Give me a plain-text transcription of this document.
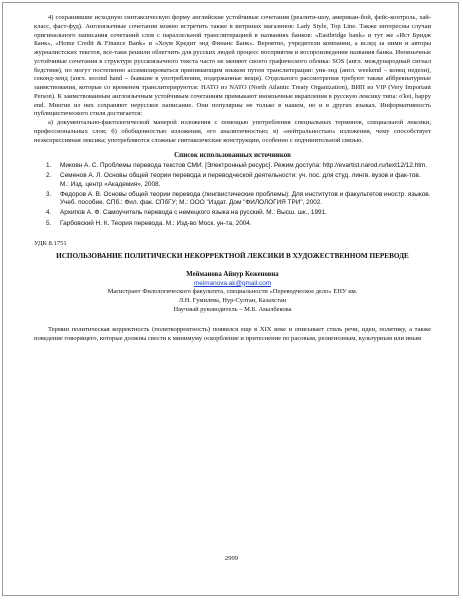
4) сохранившие исходную синтаксическую форму английские устойчивые сочетания (реалити-шоу, американ-бой, фейс-контроль, хай-класс, фаст-фуд). Англоязычные сочетания можно встретить также в витринах магазинов: Lady Style, Top Line. Также интересны случаи оригинального написания сочетаний слов с параллельной транслитерацией в названиях банков: «Eastbridge bank» и тут же «Ист Бридж Банк», «Home Credit & Finance Bank» и «Хоум Кредит энд Финанс Банк». Вероятно, учредители компании, а вслед за ними и авторы журналистских текстов, все-таки решили облегчить для русских людей процесс восприятия и воспроизведения названия банка. Иноязычные устойчивые сочетания в структуре русскоязычного текста часто не меняют своего графического облика: SOS (англ. международный сигнал бедствия), но могут постепенно ассимилироваться принимающим языком путем транслитерации: уик-энд (англ. weekend – конец недели), секонд-хенд (англ. second hand – бывшие в употреблении, подержанные вещи). Отдельного рассмотрения требуют также аббревиатурные заимствования, которые со временем транслитерируются: НАТО из NATO (North Atlantic Treaty Organization), ВИП из VIP (Very Important Person). К заимствованным англоязычным устойчивым сочетаниям примыкают иноязычные вкрапления в русскую лексику типа: o'kei, happy end. Многие из них сохраняют нерусское написание. Они популярны не только в нашем, но и в других языках. Информативность публицистического стиля достигается:

а) документально-фактологической манерой изложения с помощью употребления специальных терминов, специальной лексики, профессиональных слов; б) обобщенностью изложения, его аналитичностью; в) «нейтральностью» изложения, чему способствует неэкспрессивная лексика; употребляются сложные синтаксические конструкции, особенно с подчинительной связью.

Список использованных источников
1.	Миковн А. С. Проблемы перевода текстов СМИ. [Электронный ресурс]. Режим доступа: http://evartist.narod.ru/text12/12.htm.
2.	Семенов А. Л. Основы общей теории перевода и переводческой деятельности: уч. пос. для студ. лингв. вузов и фак-тов. М.: Изд. центр «Академия», 2008.
3.	Федоров А. В. Основы общей теории перевода (лингвистические проблемы): Для институтов и факультетов иностр. языков. Учеб. пособие. СПб.: Фил. фак. СПбГУ; М.: ООО "Издат. Дом "ФИЛОЛОГИЯ ТРИ", 2002.
4.	Архипов А. Ф. Самоучитель перевода с немецкого языка на русский. М.: Высш. шк., 1991.
5.	Гарбовский Н. К. Теория перевода. М.: Изд-во Моск. ун-та, 2004.
УДК 8.1751
ИСПОЛЬЗОВАНИЕ ПОЛИТИЧЕСКИ НЕКОРРЕКТНОЙ ЛЕКСИКИ В ХУДОЖЕСТВЕННОМ ПЕРЕВОДЕ
Мейманова Айнур Кеженовна
meimanova.ak@gmail.com
Магистрант Филологического факультета, специальности «Переводческое дело» ЕНУ им.
Л.Н. Гумилева, Нур-Султан, Казахстан
Научный руководитель – М.Б. Амалбекова

Термин политическая корректность (политкорректность) появился еще в XIX веке и описывает стиль речи, идеи, политику, а также поведение говорящего, которые должны свести к минимуму оскорбление и притеснение по расовым, религиозным, культурным или иным

2999
